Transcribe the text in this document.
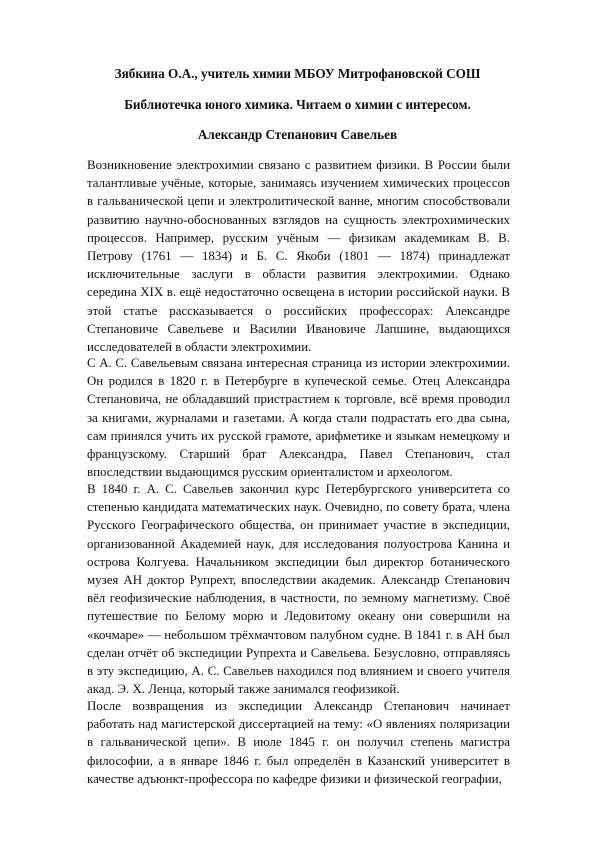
Зябкина О.А., учитель химии МБОУ Митрофановской СОШ
Библиотечка юного химика. Читаем о химии с интересом.
Александр Степанович Савельев

Возникновение электрохимии связано с развитием физики. В России были талантливые учёные, которые, занимаясь изучением химических процессов в гальванической цепи и электролитической ванне, многим способствовали развитию научно-обоснованных взглядов на сущность электрохимических процессов. Например, русским учёным — физикам академикам В. В. Петрову (1761 — 1834) и Б. С. Якоби (1801 — 1874) принадлежат исключительные заслуги в области развития электрохимии. Однако середина XIX в. ещё недостаточно освещена в истории российской науки. В этой статье рассказывается о российских профессорах: Александре Степановиче Савельеве и Василии Ивановиче Лапшине, выдающихся исследователей в области электрохимии.

С А. С. Савельевым связана интересная страница из истории электрохимии. Он родился в 1820 г. в Петербурге в купеческой семье. Отец Александра Степановича, не обладавший пристрастием к торговле, всё время проводил за книгами, журналами и газетами. А когда стали подрастать его два сына, сам принялся учить их русской грамоте, арифметике и языкам немецкому и французскому. Старший брат Александра, Павел Степанович, стал впоследствии выдающимся русским ориенталистом и археологом.

В 1840 г. А. С. Савельев закончил курс Петербургского университета со степенью кандидата математических наук. Очевидно, по совету брата, члена Русского Географического общества, он принимает участие в экспедиции, организованной Академией наук, для исследования полуострова Канина и острова Колгуева. Начальником экспедиции был директор ботанического музея АН доктор Рупрехт, впоследствии академик. Александр Степанович вёл геофизические наблюдения, в частности, по земному магнетизму. Своё путешествие по Белому морю и Ледовитому океану они совершили на «кочмаре» — небольшом трёхмачтовом палубном судне. В 1841 г. в АН был сделан отчёт об экспедиции Рупрехта и Савельева. Безусловно, отправляясь в эту экспедицию, А. С. Савельев находился под влиянием и своего учителя акад. Э. Х. Ленца, который также занимался геофизикой.

После возвращения из экспедиции Александр Степанович начинает работать над магистерской диссертацией на тему: «О явлениях поляризации в гальванической цепи». В июле 1845 г. он получил степень магистра философии, а в январе 1846 г. был определён в Казанский университет в качестве адъюнкт-профессора по кафедре физики и физической географии,
